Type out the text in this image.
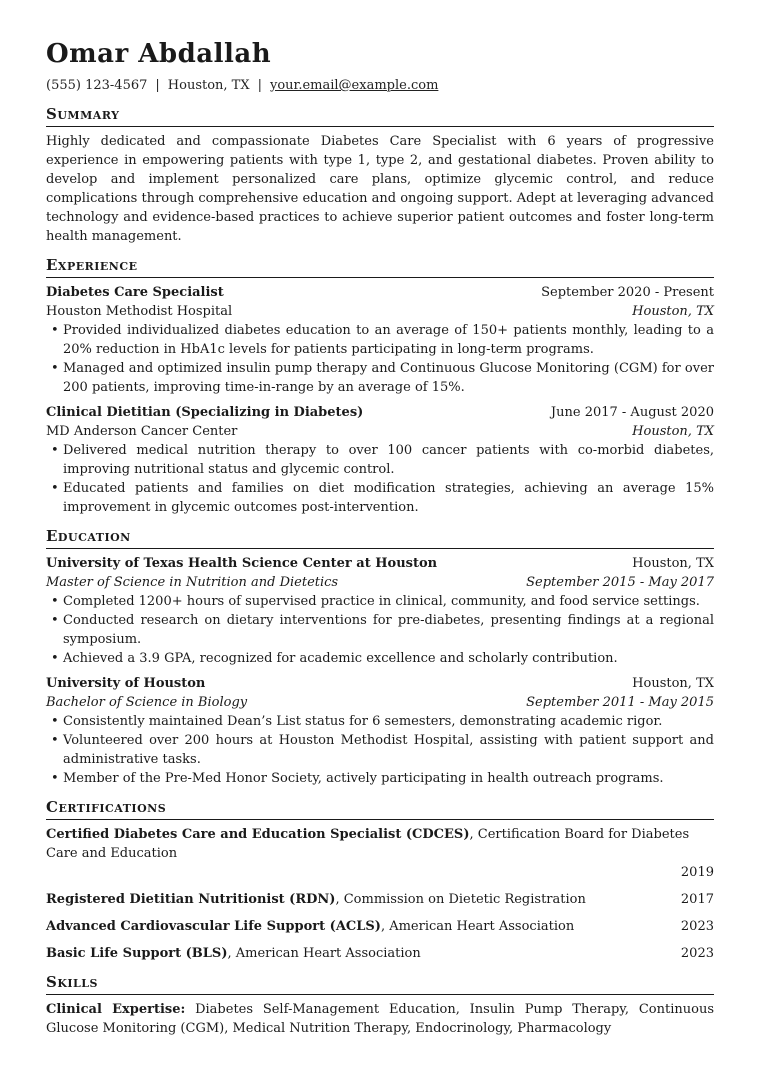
Omar Abdallah
(555) 123-4567 | Houston, TX | your.email@example.com
Summary

Highly dedicated and compassionate Diabetes Care Specialist with 6 years of progressive experience in empowering patients with type 1, type 2, and gestational diabetes. Proven ability to develop and implement personalized care plans, optimize glycemic control, and reduce complications through comprehensive education and ongoing support. Adept at leveraging advanced technology and evidence-based practices to achieve superior patient outcomes and foster long-term health management.

Experience
Diabetes Care Specialist	September 2020 - Present
Houston Methodist Hospital	Houston, TX
• Provided individualized diabetes education to an average of 150+ patients monthly, leading to a 20% reduction in HbA1c levels for patients participating in long-term programs.
• Managed and optimized insulin pump therapy and Continuous Glucose Monitoring (CGM) for over 200 patients, improving time-in-range by an average of 15%.
Clinical Dietitian (Specializing in Diabetes)	June 2017 - August 2020
MD Anderson Cancer Center	Houston, TX
• Delivered medical nutrition therapy to over 100 cancer patients with co-morbid diabetes, improving nutritional status and glycemic control.
• Educated patients and families on diet modification strategies, achieving an average 15% improvement in glycemic outcomes post-intervention.
Education
University of Texas Health Science Center at Houston	Houston, TX
Master of Science in Nutrition and Dietetics	September 2015 - May 2017
• Completed 1200+ hours of supervised practice in clinical, community, and food service settings.
• Conducted research on dietary interventions for pre-diabetes, presenting findings at a regional symposium.
• Achieved a 3.9 GPA, recognized for academic excellence and scholarly contribution.
University of Houston	Houston, TX
Bachelor of Science in Biology	September 2011 - May 2015
• Consistently maintained Dean’s List status for 6 semesters, demonstrating academic rigor.
• Volunteered over 200 hours at Houston Methodist Hospital, assisting with patient support and administrative tasks.
• Member of the Pre-Med Honor Society, actively participating in health outreach programs.
Certifications
Certified Diabetes Care and Education Specialist (CDCES), Certification Board for Diabetes Care and Education
2019
Registered Dietitian Nutritionist (RDN), Commission on Dietetic Registration	2017
Advanced Cardiovascular Life Support (ACLS), American Heart Association	2023
Basic Life Support (BLS), American Heart Association	2023
Skills

Clinical Expertise: Diabetes Self-Management Education, Insulin Pump Therapy, Continuous Glucose Monitoring (CGM), Medical Nutrition Therapy, Endocrinology, Pharmacology
